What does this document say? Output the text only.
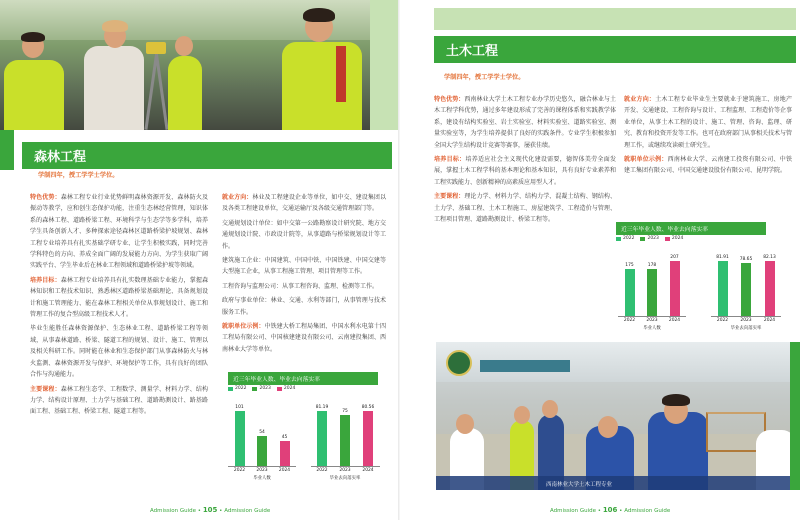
森林工程
学制四年，授工学学士学位。

特色优势：森林工程专业行业优势鲜明森林资源开发、森林防火及振动等教学，应和创生态保护功能，注重生态林经营管理，知识体系的森林工程、道路桥梁工程、环境科学与生态学等多学科，培养学生具备创新人才、多种探索途径森林区道路桥梁护坡规划、森林工程专业培养具有扎实基础学研专业、让学生积极实践，同时完善学科特色的方向、养成全面广阔的发展能力方向、为学生获取广阔实践平台、学生毕业后在林业工程领域和道路桥梁护坡等领域。

培养目标：森林工程专业培养具有扎实数理基础专业能力，掌握森林知识和工程技术知识、熟悉林区道路桥梁基础理论、具备规划设计和施工管理能力、能在森林工程相关单位从事规划设计、施工和管理工作的复合型高级工程技术人才。

毕业生能胜任森林资源保护、生态林业工程、道路桥梁工程等领域，从事森林道路、桥梁、隧道工程的规划、设计、施工、管理以及相关科研工作。同时能在林业和生态保护部门从事森林防火与林火监测、森林资源开发与保护、环境保护等工作，具有良好的团队合作与沟通能力。

主要课程：森林工程生态学、工程数学、测量学、材料力学、结构力学、结构设计原理、土力学与基础工程、道路勘测设计、路基路面工程、基础工程、桥梁工程、隧道工程等。

就业方向：林业及工程建设企业等单位，如中交、建设集团以及各类工程建设单位，交通运输厅及各级交通管理部门等。

交通规划设计单位：如中交第一公路勘察设计研究院、地方交通规划设计院、市政设计院等，从事道路与桥梁规划设计等工作。

建筑施工企业：中国建筑、中国中铁、中国铁建、中国交建等大型施工企业，从事工程施工管理、项目管理等工作。

工程咨询与监理公司：从事工程咨询、监理、检测等工作。

政府与事业单位：林业、交通、水利等部门，从事管理与技术服务工作。

就职单位示例：中铁建大桥工程局集团、中国水利水电第十四工程局有限公司、中国核建建设有限公司、云南建投集团、西南林业大学等单位。

近三年毕业人数、毕业去向落实率
2022	2023	2024
101
2022
54
2023
45
2024
毕业人数
81.19
2022
75
2023
80.56
2024
毕业去向落实率
Admission Guide • 105 • Admission Guide
土木工程
学制四年，授工学学士学位。

特色优势：西南林业大学土木工程专业办学历史悠久，融合林业与土木工程学科优势，通过多年建设形成了完善的课程体系和实践教学体系，建设有结构实验室、岩土实验室、材料实验室、道路实验室、测量实验室等，为学生培养提供了良好的实践条件。专业学生积极参加全国大学生结构设计竞赛等赛事，屡获佳绩。

培养目标：培养适应社会主义现代化建设需要，德智体美劳全面发展，掌握土木工程学科的基本理论和基本知识，具有良好专业素养和工程实践能力、创新精神的高素质应用型人才。

主要课程：理论力学、材料力学、结构力学、混凝土结构、钢结构、土力学、基础工程、土木工程施工、房屋建筑学、工程造价与管理、工程项目管理、道路勘测设计、桥梁工程等。

就业方向：土木工程专业毕业生主要就业于建筑施工、房地产开发、交通建设、工程咨询与设计、工程监理、工程造价等企事业单位，从事土木工程的设计、施工、管理、咨询、监理、研究、教育和投资开发等工作。也可在政府部门从事相关技术与管理工作，或继续攻读硕士研究生。

就职单位示例：西南林业大学、云南建工投资有限公司、中铁建工集团有限公司、中国交通建设股份有限公司、昆明学院。

近三年毕业人数、毕业去向落实率
2022	2023	2024
175
2022
178
2023
207
2024
毕业人数
81.91
2022
78.65
2023
82.13
2024
毕业去向落实率
西南林业大学土木工程专业
Admission Guide • 106 • Admission Guide
